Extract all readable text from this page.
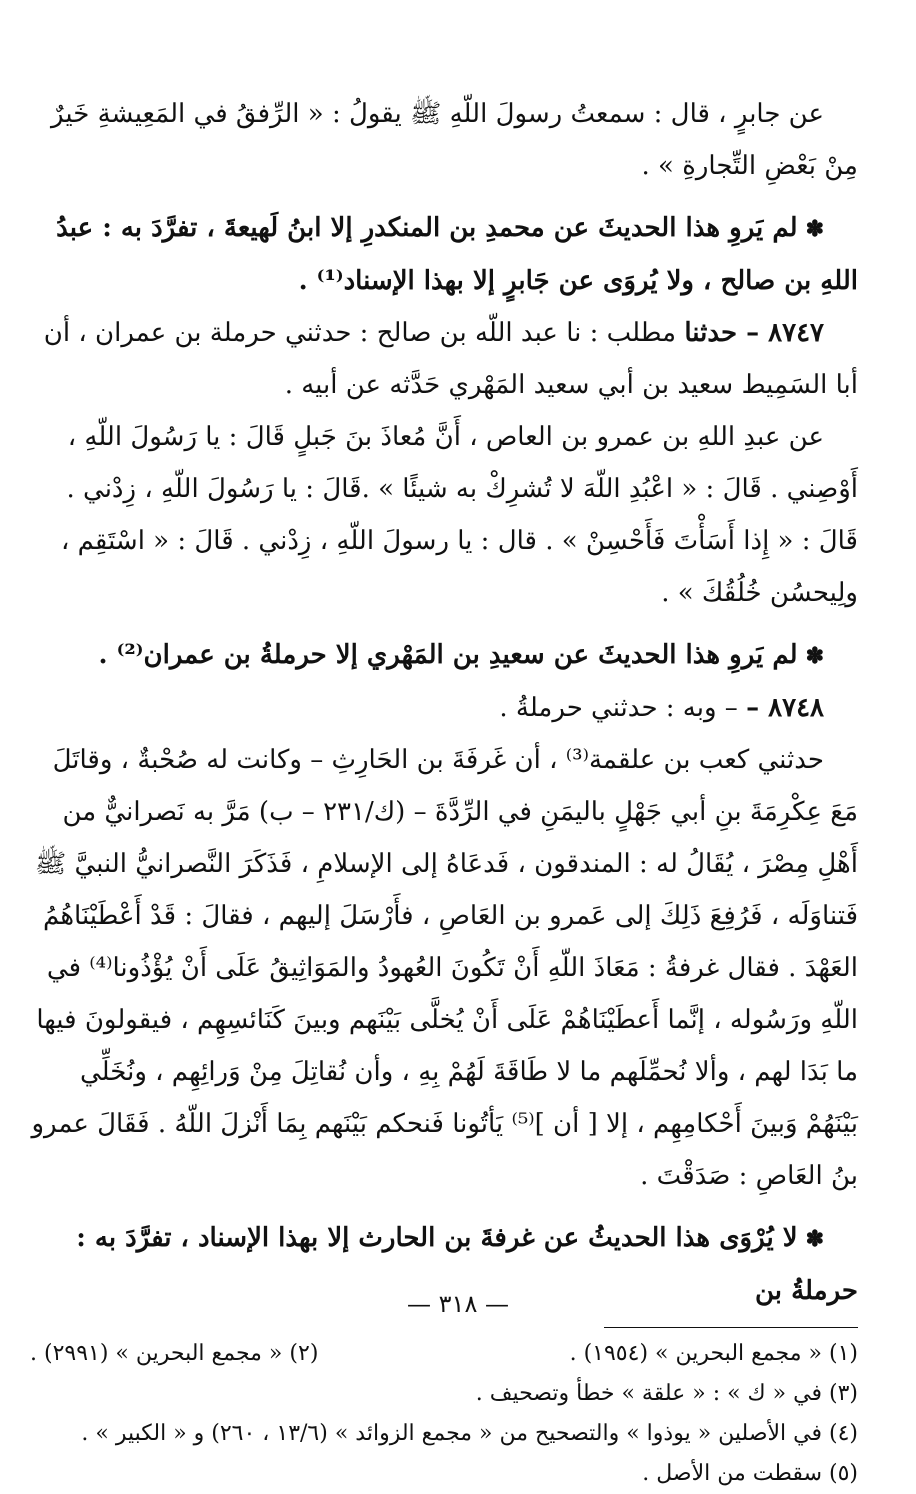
عن جابرٍ ، قال : سمعتُ رسولَ اللّهِ ﷺ يقولُ : « الرِّفقُ في المَعِيشةِ خَيرٌ مِنْ بَعْضِ التِّجارةِ » .

✽لم يَروِ هذا الحديثَ عن محمدِ بن المنكدرِ إلا ابنُ لَهيعةَ ، تفرَّدَ به : عبدُ اللهِ بن صالح ، ولا يُروَى عن جَابرٍ إلا بهذا الإسناد⁽¹⁾ .

٨٧٤٧ – حدثنا مطلب : نا عبد اللّه بن صالح : حدثني حرملة بن عمران ، أن أبا السَمِيط سعيد بن أبي سعيد المَهْري حَدَّثه عن أبيه .

عن عبدِ اللهِ بن عمرو بن العاص ، أَنَّ مُعاذَ بنَ جَبلٍ قَالَ : يا رَسُولَ اللّهِ ، أَوْصِني . قَالَ : « اعْبُدِ اللّهَ لا تُشرِكْ به شيئًا » .قَالَ : يا رَسُولَ اللّهِ ، زِدْني . قَالَ : « إِذا أَسَأْتَ فَأَحْسِنْ » . قال : يا رسولَ اللّهِ ، زِدْني . قَالَ : « اسْتَقِم ، ولِيحسُن خُلُقُكَ » .

✽لم يَروِ هذا الحديثَ عن سعيدِ بن المَهْري إلا حرملةُ بن عمران⁽²⁾ .

٨٧٤٨ – – وبه : حدثني حرملةُ .

حدثني كعب بن علقمة⁽³⁾ ، أن غَرفَةَ بن الحَارِثِ – وكانت له صُحْبةٌ ، وقاتَلَ مَعَ عِكْرِمَةَ بنِ أبي جَهْلٍ باليمَنِ في الرِّدَّةَ – (ك/٢٣١ – ب) مَرَّ به نَصرانيٌّ من أَهْلِ مِصْرَ ، يُقَالُ له : المندقون ، فَدعَاهُ إلى الإسلامِ ، فَذَكَرَ النَّصرانيُّ النبيَّ ﷺ فَتناوَلَه ، فَرُفِعَ ذَلِكَ إلى عَمرو بن العَاصِ ، فأَرْسَلَ إليهم ، فقالَ : قَدْ أَعْطَيْنَاهُمُ العَهْدَ . فقال غرفةُ : مَعَاذَ اللّهِ أَنْ تَكُونَ العُهودُ والمَوَاثِيقُ عَلَى أَنْ يُؤْذُونا⁽⁴⁾ في اللّهِ ورَسُوله ، إنَّما أَعطَيْنَاهُمْ عَلَى أَنْ يُخلَّى بَيْنَهم وبينَ كَنَائسِهِم ، فيقولونَ فيها ما بَدَا لهم ، وألا نُحمِّلَهم ما لا طَاقَةَ لَهُمْ بِهِ ، وأن نُقاتِلَ مِنْ وَرائِهِم ، ونُخَلِّي بَيْنَهُمْ وَبينَ أَحْكامِهِم ، إلا [ أن ]⁽⁵⁾ يَأتُونا فَنحكم بَيْنَهم بِمَا أَنْزلَ اللّهُ . فَقَالَ عمرو بنُ العَاصِ : صَدَقْتَ .

✽لا يُرْوَى هذا الحديثُ عن غرفةَ بن الحارث إلا بهذا الإسناد ، تفرَّدَ به : حرملةُ بن

(١) « مجمع البحرين » (١٩٥٤) .

(٢) « مجمع البحرين » (٢٩٩١) .

(٣) في « ك » : « علقة » خطأ وتصحيف .

(٤) في الأصلين « يوذوا » والتصحيح من « مجمع الزوائد » (١٣/٦ ، ٢٦٠) و « الكبير » .

(٥) سقطت من الأصل .

— ٣١٨ —
